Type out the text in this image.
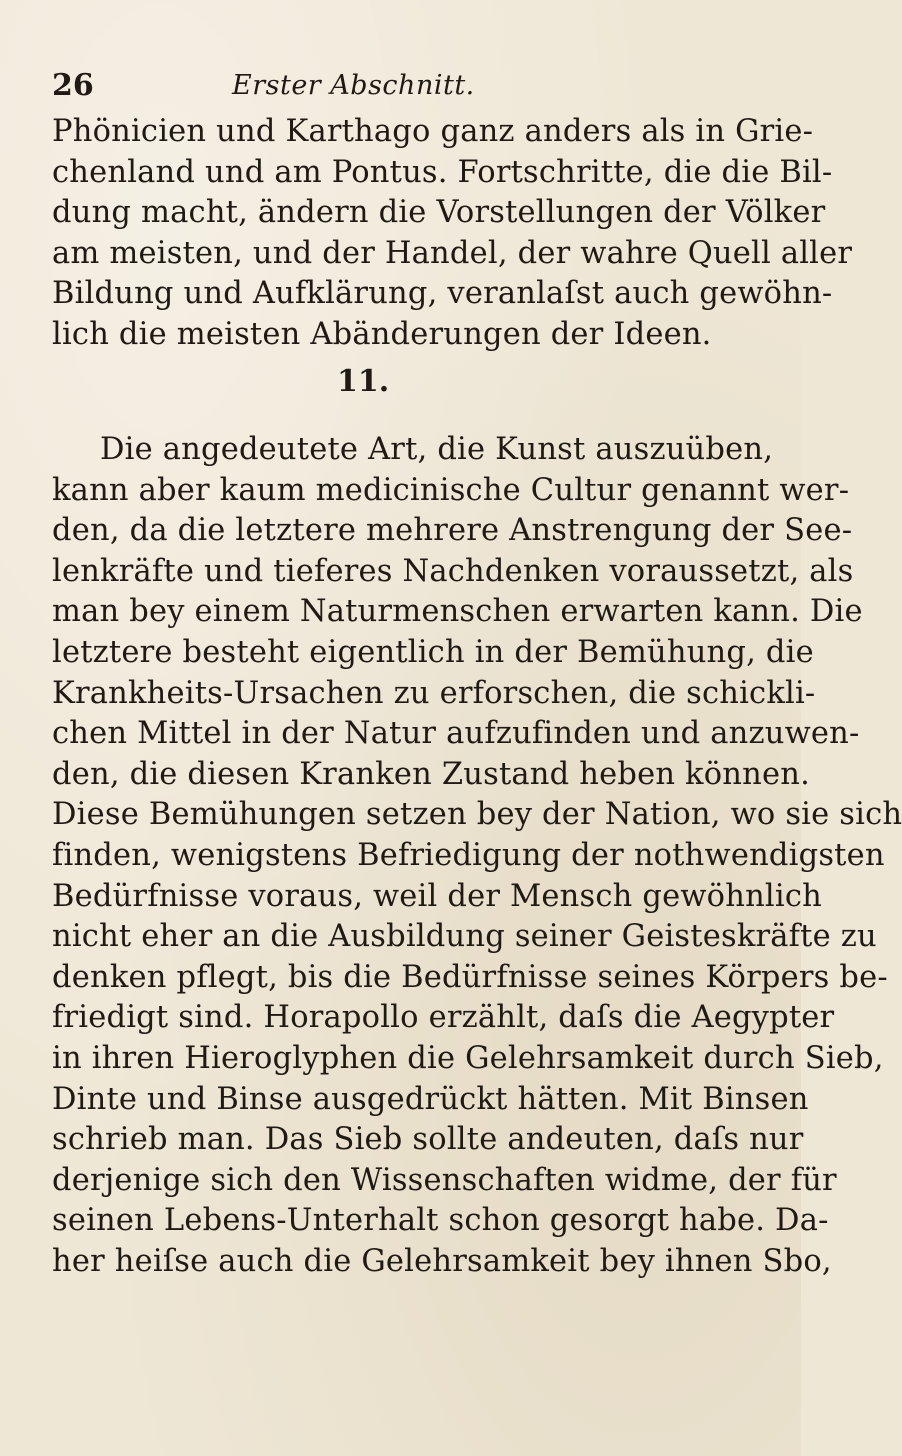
26	Erster Abschnitt.

Phönicien und Karthago ganz anders als in Grie-
chenland und am Pontus. Fortschritte, die die Bil-
dung macht, ändern die Vorstellungen der Völker
am meisten, und der Handel, der wahre Quell aller
Bildung und Aufklärung, veranlaſst auch gewöhn-
lich die meisten Abänderungen der Ideen.

11.

Die angedeutete Art, die Kunst auszuüben,
kann aber kaum medicinische Cultur genannt wer-
den, da die letztere mehrere Anstrengung der See-
lenkräfte und tieferes Nachdenken voraussetzt, als
man bey einem Naturmenschen erwarten kann. Die
letztere besteht eigentlich in der Bemühung, die
Krankheits-Ursachen zu erforschen, die schickli-
chen Mittel in der Natur aufzufinden und anzuwen-
den, die diesen Kranken Zustand heben können.
Diese Bemühungen setzen bey der Nation, wo sie sich
finden, wenigstens Befriedigung der nothwendigsten
Bedürfnisse voraus, weil der Mensch gewöhnlich
nicht eher an die Ausbildung seiner Geisteskräfte zu
denken pflegt, bis die Bedürfnisse seines Körpers be-
friedigt sind. Horapollo erzählt, daſs die Aegypter
in ihren Hieroglyphen die Gelehrsamkeit durch Sieb,
Dinte und Binse ausgedrückt hätten. Mit Binsen
schrieb man. Das Sieb sollte andeuten, daſs nur
derjenige sich den Wissenschaften widme, der für
seinen Lebens-Unterhalt schon gesorgt habe. Da-
her heiſse auch die Gelehrsamkeit bey ihnen Sbo,
